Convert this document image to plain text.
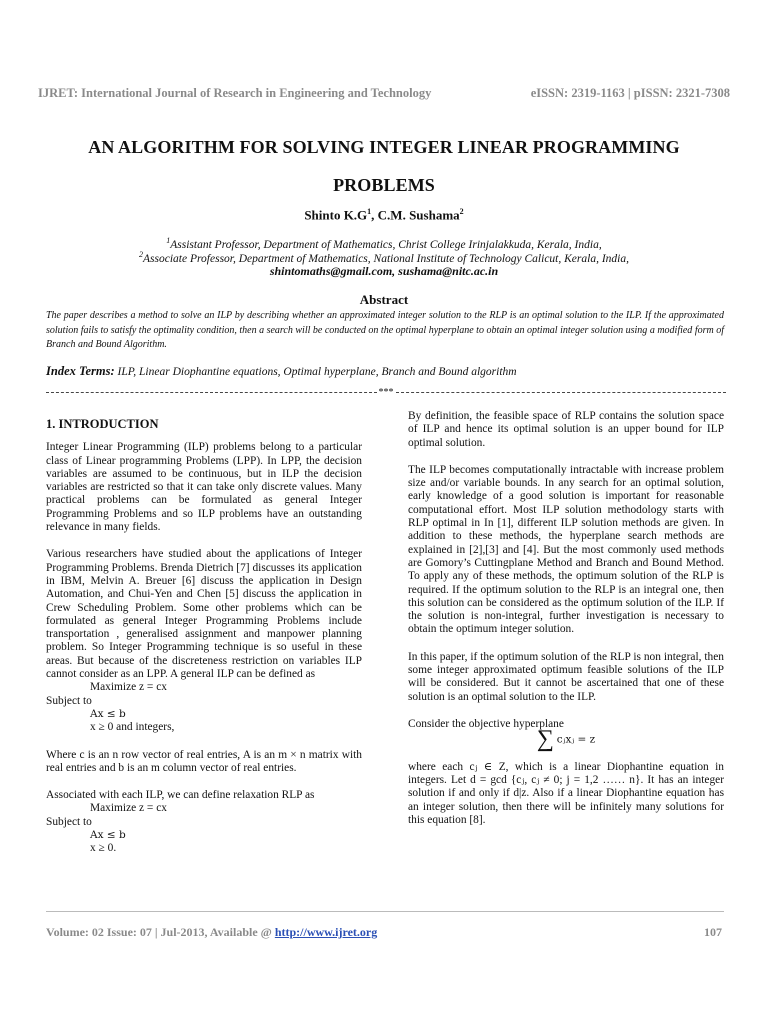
IJRET: International Journal of Research in Engineering and Technology	eISSN: 2319-1163 | pISSN: 2321-7308
AN ALGORITHM FOR SOLVING INTEGER LINEAR PROGRAMMING
PROBLEMS
Shinto $K.G^1$, C.M. Sushama$^2$
$^1$Assistant Professor, Department of Mathematics, Christ College Irinjalakkuda, Kerala, India,
$^2$Associate Professor, Department of Mathematics, National Institute of Technology Calicut, Kerala, India,
shintomaths@gmail.com, sushama@nitc.ac.in
Abstract
The paper describes a method to solve an ILP by describing whether an approximated integer solution to the RLP is an optimal solution to the ILP. If the approximated solution fails to satisfy the optimality condition, then a search will be conducted on the optimal hyperplane to obtain an optimal integer solution using a modified form of Branch and Bound Algorithm.
Index Terms: ILP, Linear Diophantine equations, Optimal hyperplane, Branch and Bound algorithm
***
1. INTRODUCTION

Integer Linear Programming (ILP) problems belong to a particular class of Linear programming Problems (LPP). In LPP, the decision variables are assumed to be continuous, but in ILP the decision variables are restricted so that it can take only discrete values. Many practical problems can be formulated as general Integer Programming Problems and so ILP problems have an outstanding relevance in many fields.

Various researchers have studied about the applications of Integer Programming Problems. Brenda Dietrich [7] discusses its application in IBM, Melvin A. Breuer [6] discuss the application in Design Automation, and Chui-Yen and Chen [5] discuss the application in Crew Scheduling Problem. Some other problems which can be formulated as general Integer Programming Problems include transportation , generalised assignment and manpower planning problem. So Integer Programming technique is so useful in these areas. But because of the discreteness restriction on variables ILP cannot consider as an LPP. A general ILP can be defined as

Maximize z = cx
Subject to
Ax ≤ b
x ≥ 0 and integers,

Where c is an n row vector of real entries, A is an m × n matrix with real entries and b is an m column vector of real entries.

Associated with each ILP, we can define relaxation RLP as

Maximize z = cx
Subject to
Ax ≤ b
x ≥ 0.

By definition, the feasible space of RLP contains the solution space of ILP and hence its optimal solution is an upper bound for ILP optimal solution.

The ILP becomes computationally intractable with increase problem size and/or variable bounds. In any search for an optimal solution, early knowledge of a good solution is important for reasonable computational effort. Most ILP solution methodology starts with RLP optimal in In [1], different ILP solution methods are given. In addition to these methods, the hyperplane search methods are explained in [2],[3] and [4]. But the most commonly used methods are Gomory’s Cuttingplane Method and Branch and Bound Method. To apply any of these methods, the optimum solution of the RLP is required. If the optimum solution to the RLP is an integral one, then this solution can be considered as the optimum solution of the ILP. If the solution is non-integral, further investigation is necessary to obtain the optimum integer solution.

In this paper, if the optimum solution of the RLP is non integral, then some integer approximated optimum feasible solutions of the ILP will be considered. But it cannot be ascertained that one of these solution is an optimal solution to the ILP.

Consider the objective hyperplane

∑ cⱼxⱼ = z

where each cⱼ ∈ Z, which is a linear Diophantine equation in integers. Let d = gcd {cⱼ, cⱼ ≠ 0; j = 1,2 …… n}. It has an integer solution if and only if d|z. Also if a linear Diophantine equation has an integer solution, then there will be infinitely many solutions for this equation [8].

Volume: 02 Issue: 07 | Jul-2013, Available @ http://www.ijret.org	107
